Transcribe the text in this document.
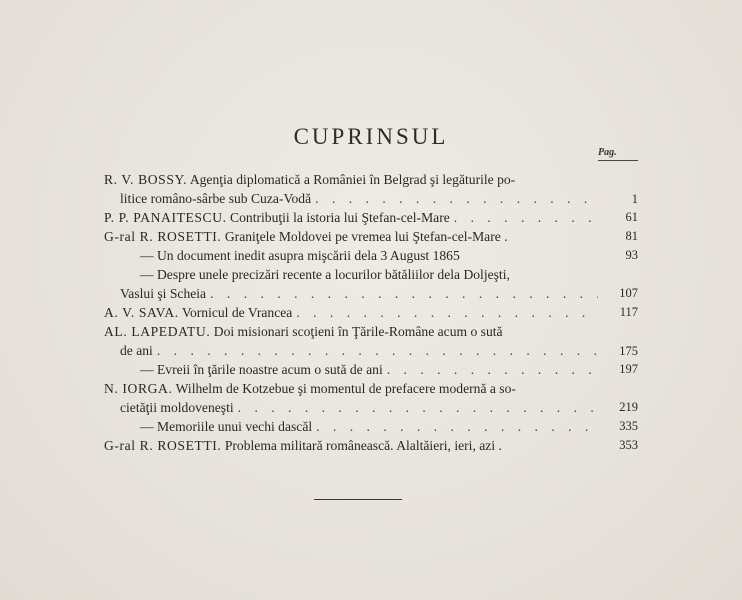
CUPRINSUL
Pag.
R. V. BOSSY. Agenţia diplomatică a României în Belgrad şi legăturile po-
litice româno-sârbe sub Cuza-Vodă . . .	1
P. P. PANAITESCU. Contribuţii la istoria lui Ştefan-cel-Mare . . .	61
G-ral R. ROSETTI. Graniţele Moldovei pe vremea lui Ştefan-cel-Mare .	81
— Un document inedit asupra mişcării dela 3 August 1865	93
— Despre unele precizări recente a locurilor bătăliilor dela Doljeşti,
Vaslui şi Scheia . . .	107
A. V. SAVA. Vornicul de Vrancea . . .	117
AL. LAPEDATU. Doi misionari scoţieni în Ţările-Române acum o sută
de ani . . .	175
— Evreii în ţările noastre acum o sută de ani . . .	197
N. IORGA. Wilhelm de Kotzebue şi momentul de prefacere modernă a so-
cietăţii moldoveneşti . . .	219
— Memoriile unui vechi dascăl . . .	335
G-ral R. ROSETTI. Problema militară românească. Alaltăieri, ieri, azi .	353
